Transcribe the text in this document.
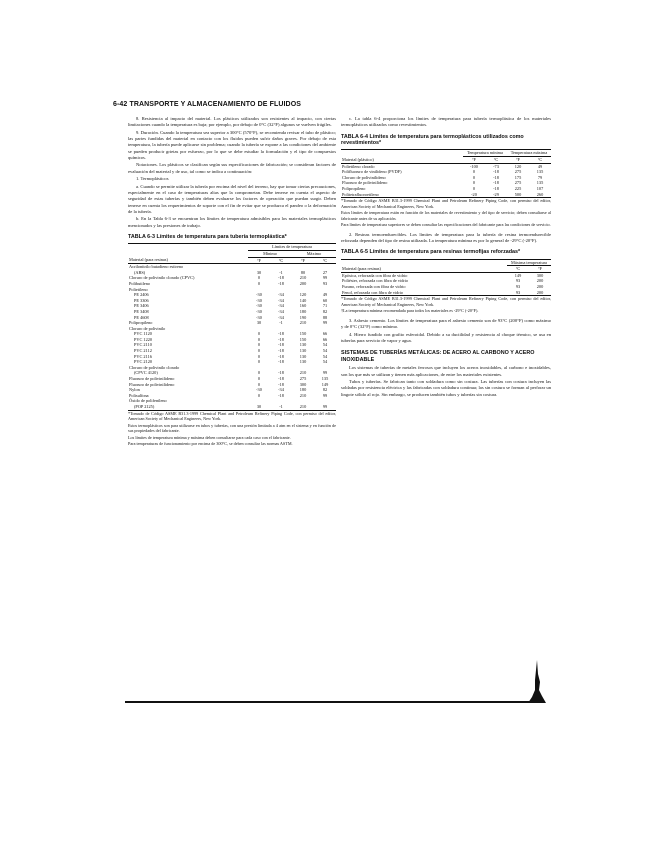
6-42 TRANSPORTE Y ALMACENAMIENTO DE FLUIDOS

8. Resistencia al impacto del material. Los plásticos utilizados son resistentes al impacto, con ciertas limitaciones cuando la temperatura es baja; por ejemplo, por debajo de 0°C (32°F) algunos se vuelven frágiles.

9. Duración. Cuando la temperatura sea superior a 300°C (570°F), se recomienda revisar el tubo de plástico; las partes fundidas del material en contacto con los fluidos pueden sufrir daños graves. Por debajo de esta temperatura, la tubería puede aplicarse sin problema; cuando la tubería se expone a las condiciones del ambiente se pueden producir grietas por esfuerzo, por lo que se debe estudiar la formulación y el tipo de compuestos químicos.

Notaciones. Los plásticos se clasifican según sus especificaciones de fabricación; se consideran factores de evaluación del material y de uso, tal como se indica a continuación:

1. Termoplásticos

a. Cuando se permite utilizar la tubería por encima del nivel del terreno, hay que tomar ciertas precauciones, especialmente en el caso de temperaturas altas que la comprometan. Debe tenerse en cuenta el aspecto de seguridad de estas tuberías y también deben evaluarse los factores de operación que puedan surgir. Deben tenerse en cuenta los requerimientos de soporte con el fin de evitar que se produzca el pandeo o la deformación de la tubería.

b. En la Tabla 6-3 se encuentran los límites de temperatura admisibles para los materiales termoplásticos mencionados y las presiones de trabajo.

TABLA 6-3 Límites de temperatura para tubería termoplástica*
	Límites de temperatura			
	Mínimo		Máximo	
Material (para resinas)	°F	°C	°F	°C
Acrilonitrilo butadieno estireno				
(ABS)	30	-1	80	27
Cloruro de polivinilo clorado (CPVC)	0	-18	210	99
Polibutileno	0	-18	200	93
Polietileno				
PE 2406	-30	-34	120	49
PE 3306	-30	-34	140	60
PE 3406	-30	-34	160	71
PE 3408	-30	-34	180	82
PE 4608	-30	-34	190	88
Polipropileno	30	-1	210	99
Cloruro de polivinilo				
PVC 1120	0	-18	150	66
PVC 1220	0	-18	150	66
PVC 2110	0	-18	130	54
PVC 2112	0	-18	130	54
PVC 2116	0	-18	130	54
PVC 2120	0	-18	130	54
Cloruro de polivinilo clorado				
(CPVC 4120)	0	-18	210	99
Fluoruro de polivinilideno	0	-18	275	135
Fluoruro de polivinilideno	0	-18	300	149
Nylon	-30	-34	180	82
Polisulfona	0	-18	210	99
Óxido de polifenileno				
(POP 2125)	30	-1	210	99

*Tomado de Código ASME B31.3-1999 Chemical Plant and Petroleum Refinery Piping Code, con permiso del editor, American Society of Mechanical Engineers, New York.

Estos termoplásticos son para utilizarse en tubos y tuberías, con una presión limitada a 4 atm en el sistema y en función de sus propiedades del fabricante.

Los límites de temperatura mínima y máxima deben consultarse para cada caso con el fabricante.

Para temperaturas de funcionamiento por encima de 300°C, se deben consultar las normas ASTM.

c. La tabla 6-4 proporciona los límites de temperatura para tubería termoplástica de los materiales termoplásticos utilizados como revestimientos.

TABLA 6-4 Límites de temperatura para termoplásticos utilizados como revestimientos*
	Temperatura mínima		Temperatura máxima	
Material (plástico)	°F	°C	°F	°C
Polietileno clorado	-100	-73	120	49
Polifluoruro de vinilideno (PVDF)	0	-18	275	135
Cloruro de polivinilideno	0	-18	175	79
Fluoruro de polivinilideno	0	-18	275	135
Polipropileno	0	-18	225	107
Politetrafluoroetileno	-20	-29	500	260

*Tomado de Código ASME B31.3-1999 Chemical Plant and Petroleum Refinery Piping Code, con permiso del editor, American Society of Mechanical Engineers, New York.

Estos límites de temperatura están en función de los materiales de revestimiento y del tipo de servicio; deben consultarse al fabricante antes de su aplicación.

Para límites de temperatura superiores se deben consultar las especificaciones del fabricante para las condiciones de servicio.

2. Resinas termoendurecibles. Los límites de temperatura para la tubería de resina termoendurecible reforzada dependen del tipo de resina utilizada. La temperatura mínima es por lo general de -29°C (-20°F).

TABLA 6-5 Límites de temperatura para resinas termofijas reforzadas*
	Máxima temperatura	
Material (para resinas)	°C	°F
Epóxica, reforzada con fibra de vidrio	149	300
Poliéster, reforzada con fibra de vidrio	93	200
Furano, reforzada con fibra de vidrio	93	200
Fenol, reforzada con fibra de vidrio	93	200

*Tomado de Código ASME B31.3-1999 Chemical Plant and Petroleum Refinery Piping Code, con permiso del editor, American Society of Mechanical Engineers, New York.

†La temperatura mínima recomendada para todos los materiales es -29°C (-20°F).

3. Asbesto cemento. Los límites de temperatura para el asbesto cemento son de 93°C (200°F) como máximo y de 0°C (32°F) como mínimo.

4. Hierro fundido con grafito esferoidal. Debido a su ductilidad y resistencia al choque térmico, se usa en tuberías para servicio de vapor y agua.

SISTEMAS DE TUBERÍAS METÁLICAS: DE ACERO AL CARBONO Y ACERO INOXIDABLE

Los sistemas de tuberías de metales ferrosos que incluyen los aceros inoxidables, al carbono e inoxidables, son los que más se utilizan y tienen más aplicaciones, de entre los materiales existentes.

Tubos y tuberías. Se fabrican tanto con soldadura como sin costura. Las tuberías con costura incluyen las soldadas por resistencia eléctrica y las fabricadas con soldadura continua; las sin costura se forman al perforar un lingote sólido al rojo. Sin embargo, se producen también tubos y tuberías sin costura.
